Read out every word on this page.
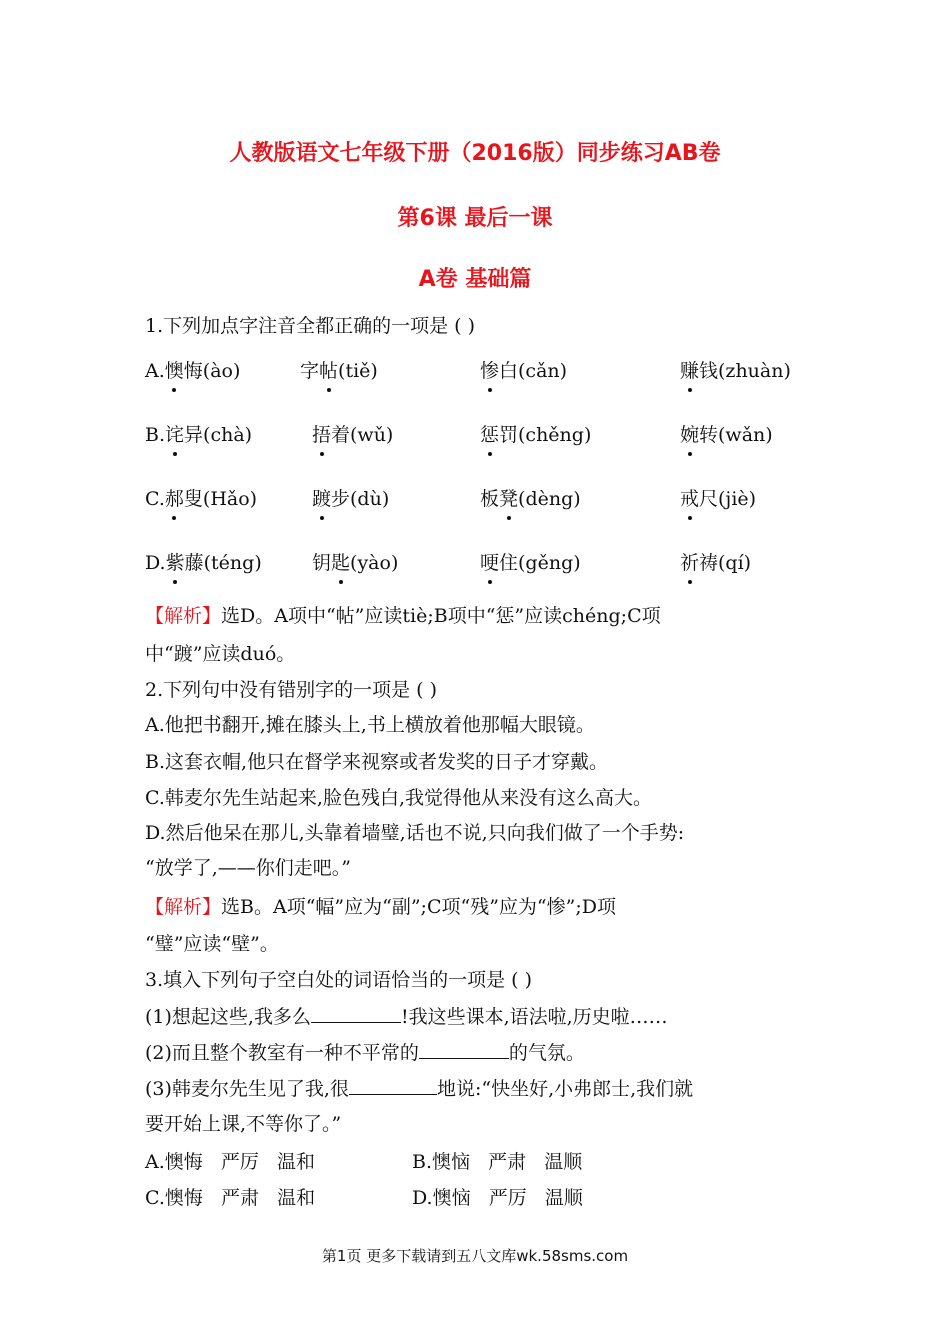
人教版语文七年级下册（2016版）同步练习AB卷
第6课 最后一课
A卷 基础篇
1.下列加点字注音全都正确的一项是 ( )
A.懊悔(ào)	字帖(tiě)	惨白(cǎn)	赚钱(zhuàn)
B.诧异(chà)	捂着(wǔ)	惩罚(chěng)	婉转(wǎn)
C.郝叟(Hǎo)	踱步(dù)	板凳(dèng)	戒尺(jiè)
D.紫藤(téng)	钥匙(yào)	哽住(gěng)	祈祷(qí)
【解析】选D。A项中“帖”应读tiè;B项中“惩”应读chéng;C项
中“踱”应读duó。
2.下列句中没有错别字的一项是 ( )
A.他把书翻开,摊在膝头上,书上横放着他那幅大眼镜。
B.这套衣帽,他只在督学来视察或者发奖的日子才穿戴。
C.韩麦尔先生站起来,脸色残白,我觉得他从来没有这么高大。
D.然后他呆在那儿,头靠着墙璧,话也不说,只向我们做了一个手势:
“放学了,——你们走吧。”
【解析】选B。A项“幅”应为“副”;C项“残”应为“惨”;D项
“璧”应读“壁”。
3.填入下列句子空白处的词语恰当的一项是 ( )
(1)想起这些,我多么	!我这些课本,语法啦,历史啦……
(2)而且整个教室有一种不平常的	的气氛。
(3)韩麦尔先生见了我,很	地说:“快坐好,小弗郎士,我们就
要开始上课,不等你了。”
A.懊悔   严厉   温和	B.懊恼   严肃   温顺
C.懊悔   严肃   温和	D.懊恼   严厉   温顺
第1页 更多下载请到五八文库wk.58sms.com
